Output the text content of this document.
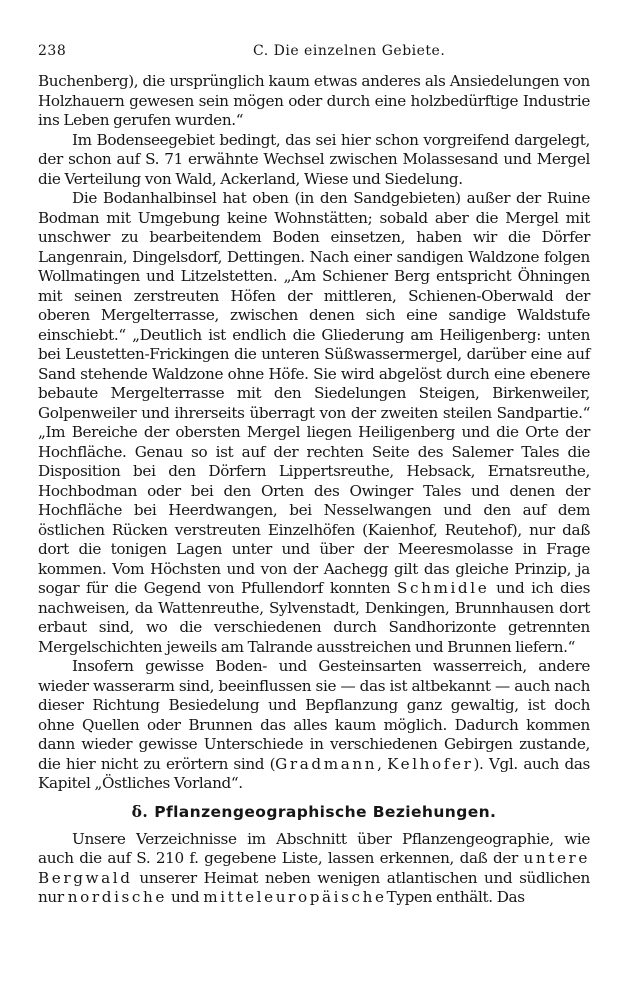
238	C. Die einzelnen Gebiete.

Buchenberg), die ursprünglich kaum etwas anderes als Ansiedelungen von Holzhauern gewesen sein mögen oder durch eine holzbedürftige Industrie ins Leben gerufen wurden.“

Im Bodenseegebiet bedingt, das sei hier schon vorgreifend dargelegt, der schon auf S. 71 erwähnte Wechsel zwischen Molassesand und Mergel die Verteilung von Wald, Ackerland, Wiese und Siedelung.

Die Bodanhalbinsel hat oben (in den Sandgebieten) außer der Ruine Bodman mit Umgebung keine Wohnstätten; sobald aber die Mergel mit unschwer zu bearbeitendem Boden einsetzen, haben wir die Dörfer Langenrain, Dingelsdorf, Dettingen. Nach einer sandigen Waldzone folgen Wollmatingen und Litzelstetten. „Am Schiener Berg entspricht Öhningen mit seinen zerstreuten Höfen der mittleren, Schienen-Oberwald der oberen Mergelterrasse, zwischen denen sich eine sandige Waldstufe einschiebt.“ „Deutlich ist endlich die Gliederung am Heiligenberg: unten bei Leustetten-Frickingen die unteren Süßwassermergel, darüber eine auf Sand stehende Waldzone ohne Höfe. Sie wird abgelöst durch eine ebenere bebaute Mergelterrasse mit den Siedelungen Steigen, Birkenweiler, Golpenweiler und ihrerseits überragt von der zweiten steilen Sandpartie.“ „Im Bereiche der obersten Mergel liegen Heiligenberg und die Orte der Hochfläche. Genau so ist auf der rechten Seite des Salemer Tales die Disposition bei den Dörfern Lippertsreuthe, Hebsack, Ernatsreuthe, Hochbodman oder bei den Orten des Owinger Tales und denen der Hochfläche bei Heerdwangen, bei Nesselwangen und den auf dem östlichen Rücken verstreuten Einzelhöfen (Kaienhof, Reutehof), nur daß dort die tonigen Lagen unter und über der Meeresmolasse in Frage kommen. Vom Höchsten und von der Aachegg gilt das gleiche Prinzip, ja sogar für die Gegend von Pfullendorf konnten Schmidle und ich dies nachweisen, da Wattenreuthe, Sylvenstadt, Denkingen, Brunnhausen dort erbaut sind, wo die verschiedenen durch Sandhorizonte getrennten Mergelschichten jeweils am Talrande ausstreichen und Brunnen liefern.“

Insofern gewisse Boden- und Gesteinsarten wasserreich, andere wieder wasserarm sind, beeinflussen sie — das ist altbekannt — auch nach dieser Richtung Besiedelung und Bepflanzung ganz gewaltig, ist doch ohne Quellen oder Brunnen das alles kaum möglich. Dadurch kommen dann wieder gewisse Unterschiede in verschiedenen Gebirgen zustande, die hier nicht zu erörtern sind (Gradmann, Kelhofer). Vgl. auch das Kapitel „Östliches Vorland“.

δ. Pflanzengeographische Beziehungen.

Unsere Verzeichnisse im Abschnitt über Pflanzengeographie, wie auch die auf S. 210 f. gegebene Liste, lassen erkennen, daß der untere Bergwald unserer Heimat neben wenigen atlantischen und südlichen nur nordische und mitteleuropäischeTypen enthält. Das
